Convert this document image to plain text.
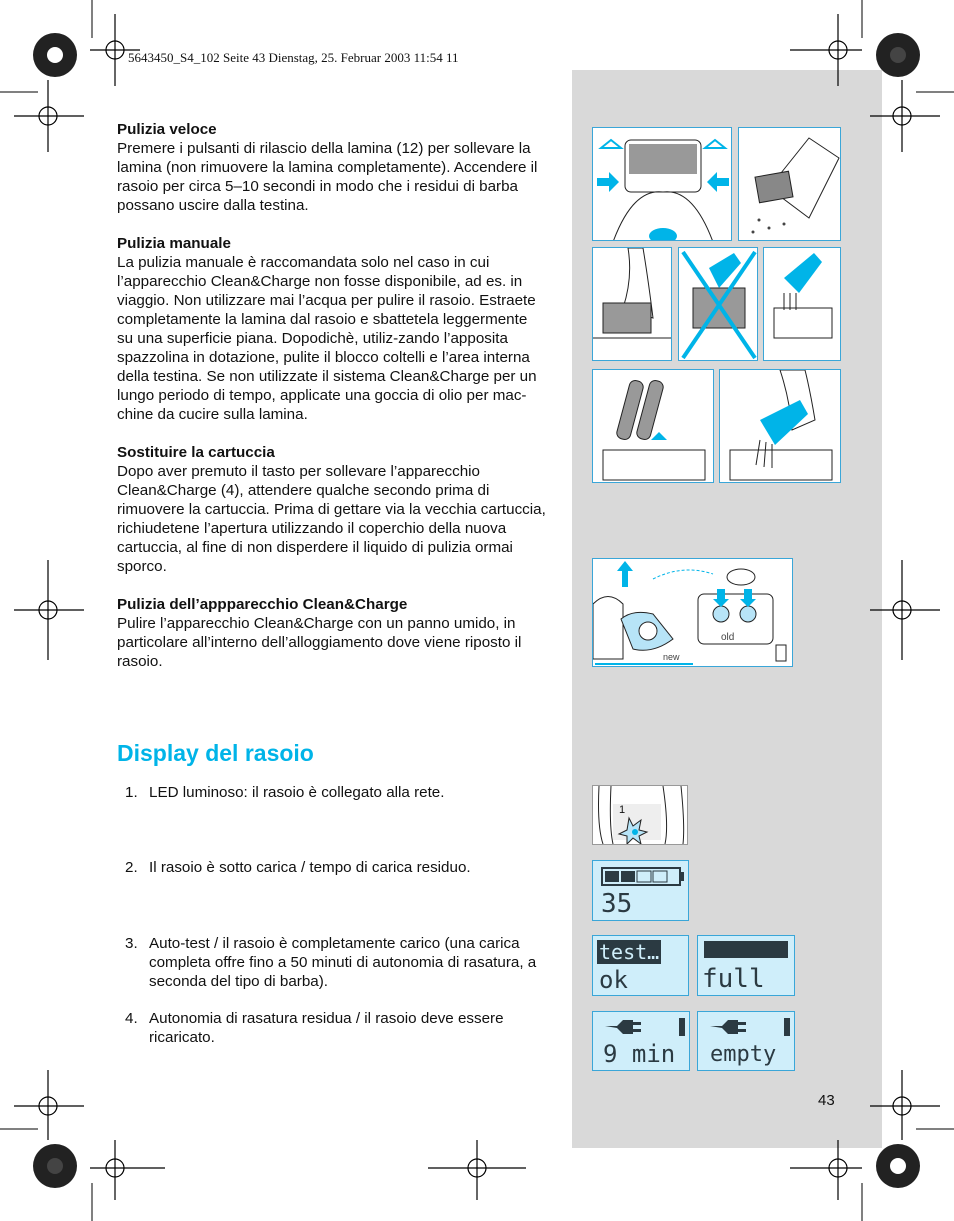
5643450_S4_102 Seite 43 Dienstag, 25. Februar 2003 11:54 11
Pulizia veloce

Premere i pulsanti di rilascio della lamina (12) per sollevare la lamina (non rimuovere la lamina completamente). Accendere il rasoio per circa 5–10 secondi in modo che i residui di barba possano uscire dalla testina.

Pulizia manuale

La pulizia manuale è raccomandata solo nel caso in cui l’apparecchio Clean&Charge non fosse disponibile, ad es. in viaggio. Non utilizzare mai l’acqua per pulire il rasoio. Estraete completamente la lamina dal rasoio e sbattetela leggermente su una superficie piana. Dopodichè, utiliz-zando l’apposita spazzolina in dotazione, pulite il blocco coltelli e l’area interna della testina. Se non utilizzate il sistema Clean&Charge per un lungo periodo di tempo, applicate una goccia di olio per mac-chine da cucire sulla lamina.

Sostituire la cartuccia

Dopo aver premuto il tasto per sollevare l’apparecchio Clean&Charge (4), attendere qualche secondo prima di rimuovere la cartuccia. Prima di gettare via la vecchia cartuccia, richiudetene l’apertura utilizzando il coperchio della nuova cartuccia, al fine di non disperdere il liquido di pulizia ormai sporco.

Pulizia dell’appparecchio Clean&Charge

Pulire l’apparecchio Clean&Charge con un panno umido, in particolare all’interno dell’alloggiamento dove viene riposto il rasoio.

Display del rasoio
1. LED luminoso: il rasoio è collegato alla rete.
2. Il rasoio è sotto carica / tempo di carica residuo.
3. Auto-test / il rasoio è completamente carico (una carica completa offre fino a 50 minuti di autonomia di rasatura, a seconda del tipo di barba).
4. Autonomia di rasatura residua / il rasoio deve essere ricaricato.
old
new
1
35
test…
ok	full
9 min empty
43
